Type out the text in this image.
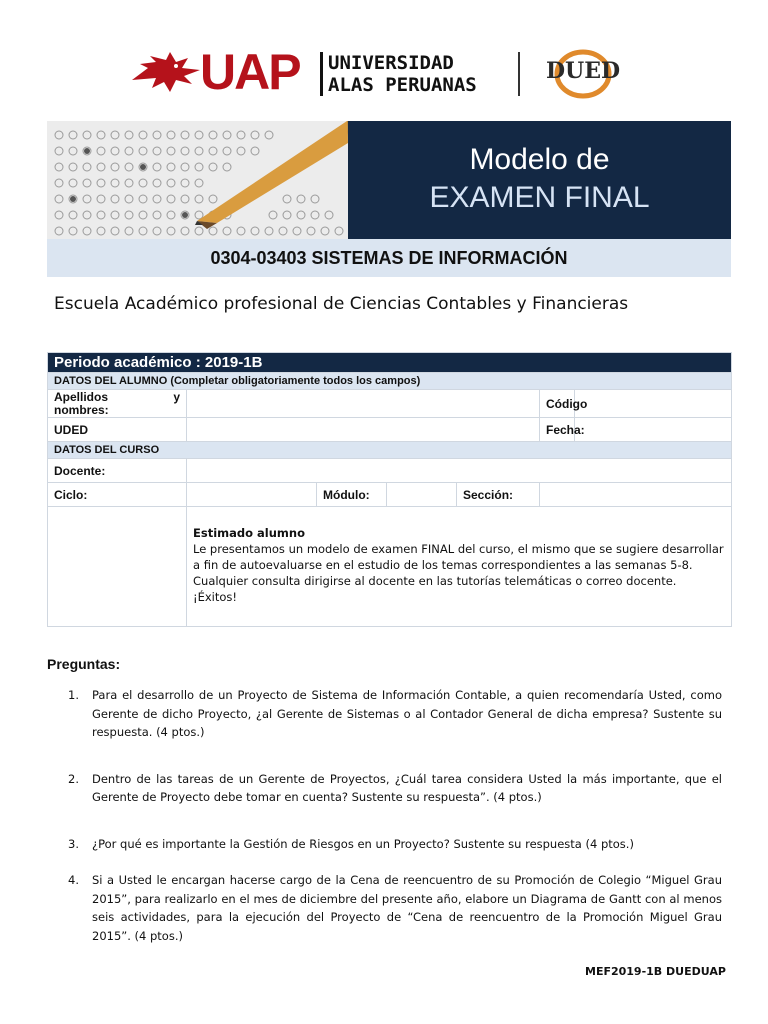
UAP UNIVERSIDAD
ALAS PERUANAS
DUED
Modelo de
EXAMEN FINAL
0304-03403 SISTEMAS DE INFORMACIÓN
Escuela Académico profesional de Ciencias Contables y Financieras
Periodo académico : 2019-1B						
DATOS DEL ALUMNO (Completar obligatoriamente todos los campos)						

Apellidos y
nombres:					Código	
UDED					Fecha:	
DATOS DEL CURSO						
Docente:						
Ciclo:		Módulo:		Sección:		

	Estimado alumno
Le presentamos un modelo de examen FINAL del curso, el mismo que se sugiere desarrollar
a fin de autoevaluarse en el estudio de los temas correspondientes a las semanas 5-8.
Cualquier consulta dirigirse al docente en las tutorías telemáticas o correo docente.
¡Éxitos!					
Preguntas:
1. Para el desarrollo de un Proyecto de Sistema de Información Contable, a quien recomendaría Usted, como Gerente de dicho Proyecto, ¿al Gerente de Sistemas o al Contador General de dicha empresa? Sustente su respuesta. (4 ptos.)
2. Dentro de las tareas de un Gerente de Proyectos, ¿Cuál tarea considera Usted la más importante, que el Gerente de Proyecto debe tomar en cuenta? Sustente su respuesta”. (4 ptos.)
3. ¿Por qué es importante la Gestión de Riesgos en un Proyecto? Sustente su respuesta (4 ptos.)
4. Si a Usted le encargan hacerse cargo de la Cena de reencuentro de su Promoción de Colegio “Miguel Grau 2015”, para realizarlo en el mes de diciembre del presente año, elabore un Diagrama de Gantt con al menos seis actividades, para la ejecución del Proyecto de “Cena de reencuentro de la Promoción Miguel Grau 2015”. (4 ptos.)
MEF2019-1B DUEDUAP
